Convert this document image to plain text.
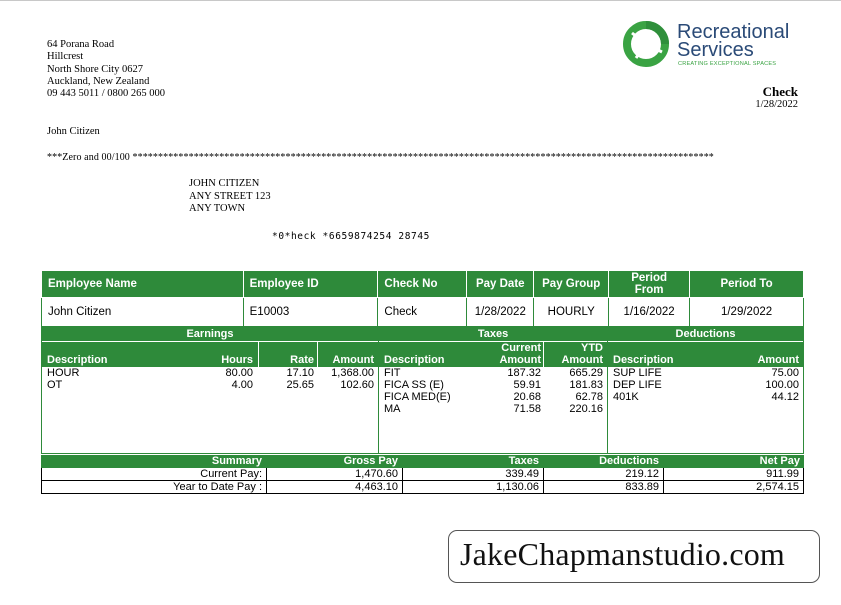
64 Porana Road
Hillcrest
North Shore City 0627
Auckland, New Zealand
09 443 5011 / 0800 265 000
Recreational
Services
CREATING EXCEPTIONAL SPACES
Check
1/28/2022
John Citizen
***Zero and 00/100 ******************************************************************************************************************
JOHN CITIZEN
ANY STREET 123
ANY TOWN
*0*heck *6659874254 28745
Employee Name	Employee ID	Check No	Pay Date	Pay Group	Period From	Period To
John Citizen	E10003	Check	1/28/2022	HOURLY	1/16/2022	1/29/2022
Earnings
Description	Hours	Rate Amount
HOUR	80.00	17.10 1,368.00
OT	4.00	25.65 102.60
Taxes
Description
Current
Amount
YTD
Amount
FIT	187.32	665.29
FICA SS (E)	59.91	181.83
FICA MED(E)	20.68	62.78
MA	71.58	220.16
Deductions
Description	Amount
SUP LIFE	75.00
DEP LIFE	100.00
401K	44.12
Summary	Gross Pay	Taxes	Deductions	Net Pay
Current Pay:	1,470.60	339.49	219.12	911.99
Year to Date Pay :	4,463.10	1,130.06	833.89	2,574.15
JakeChapmanstudio.com
